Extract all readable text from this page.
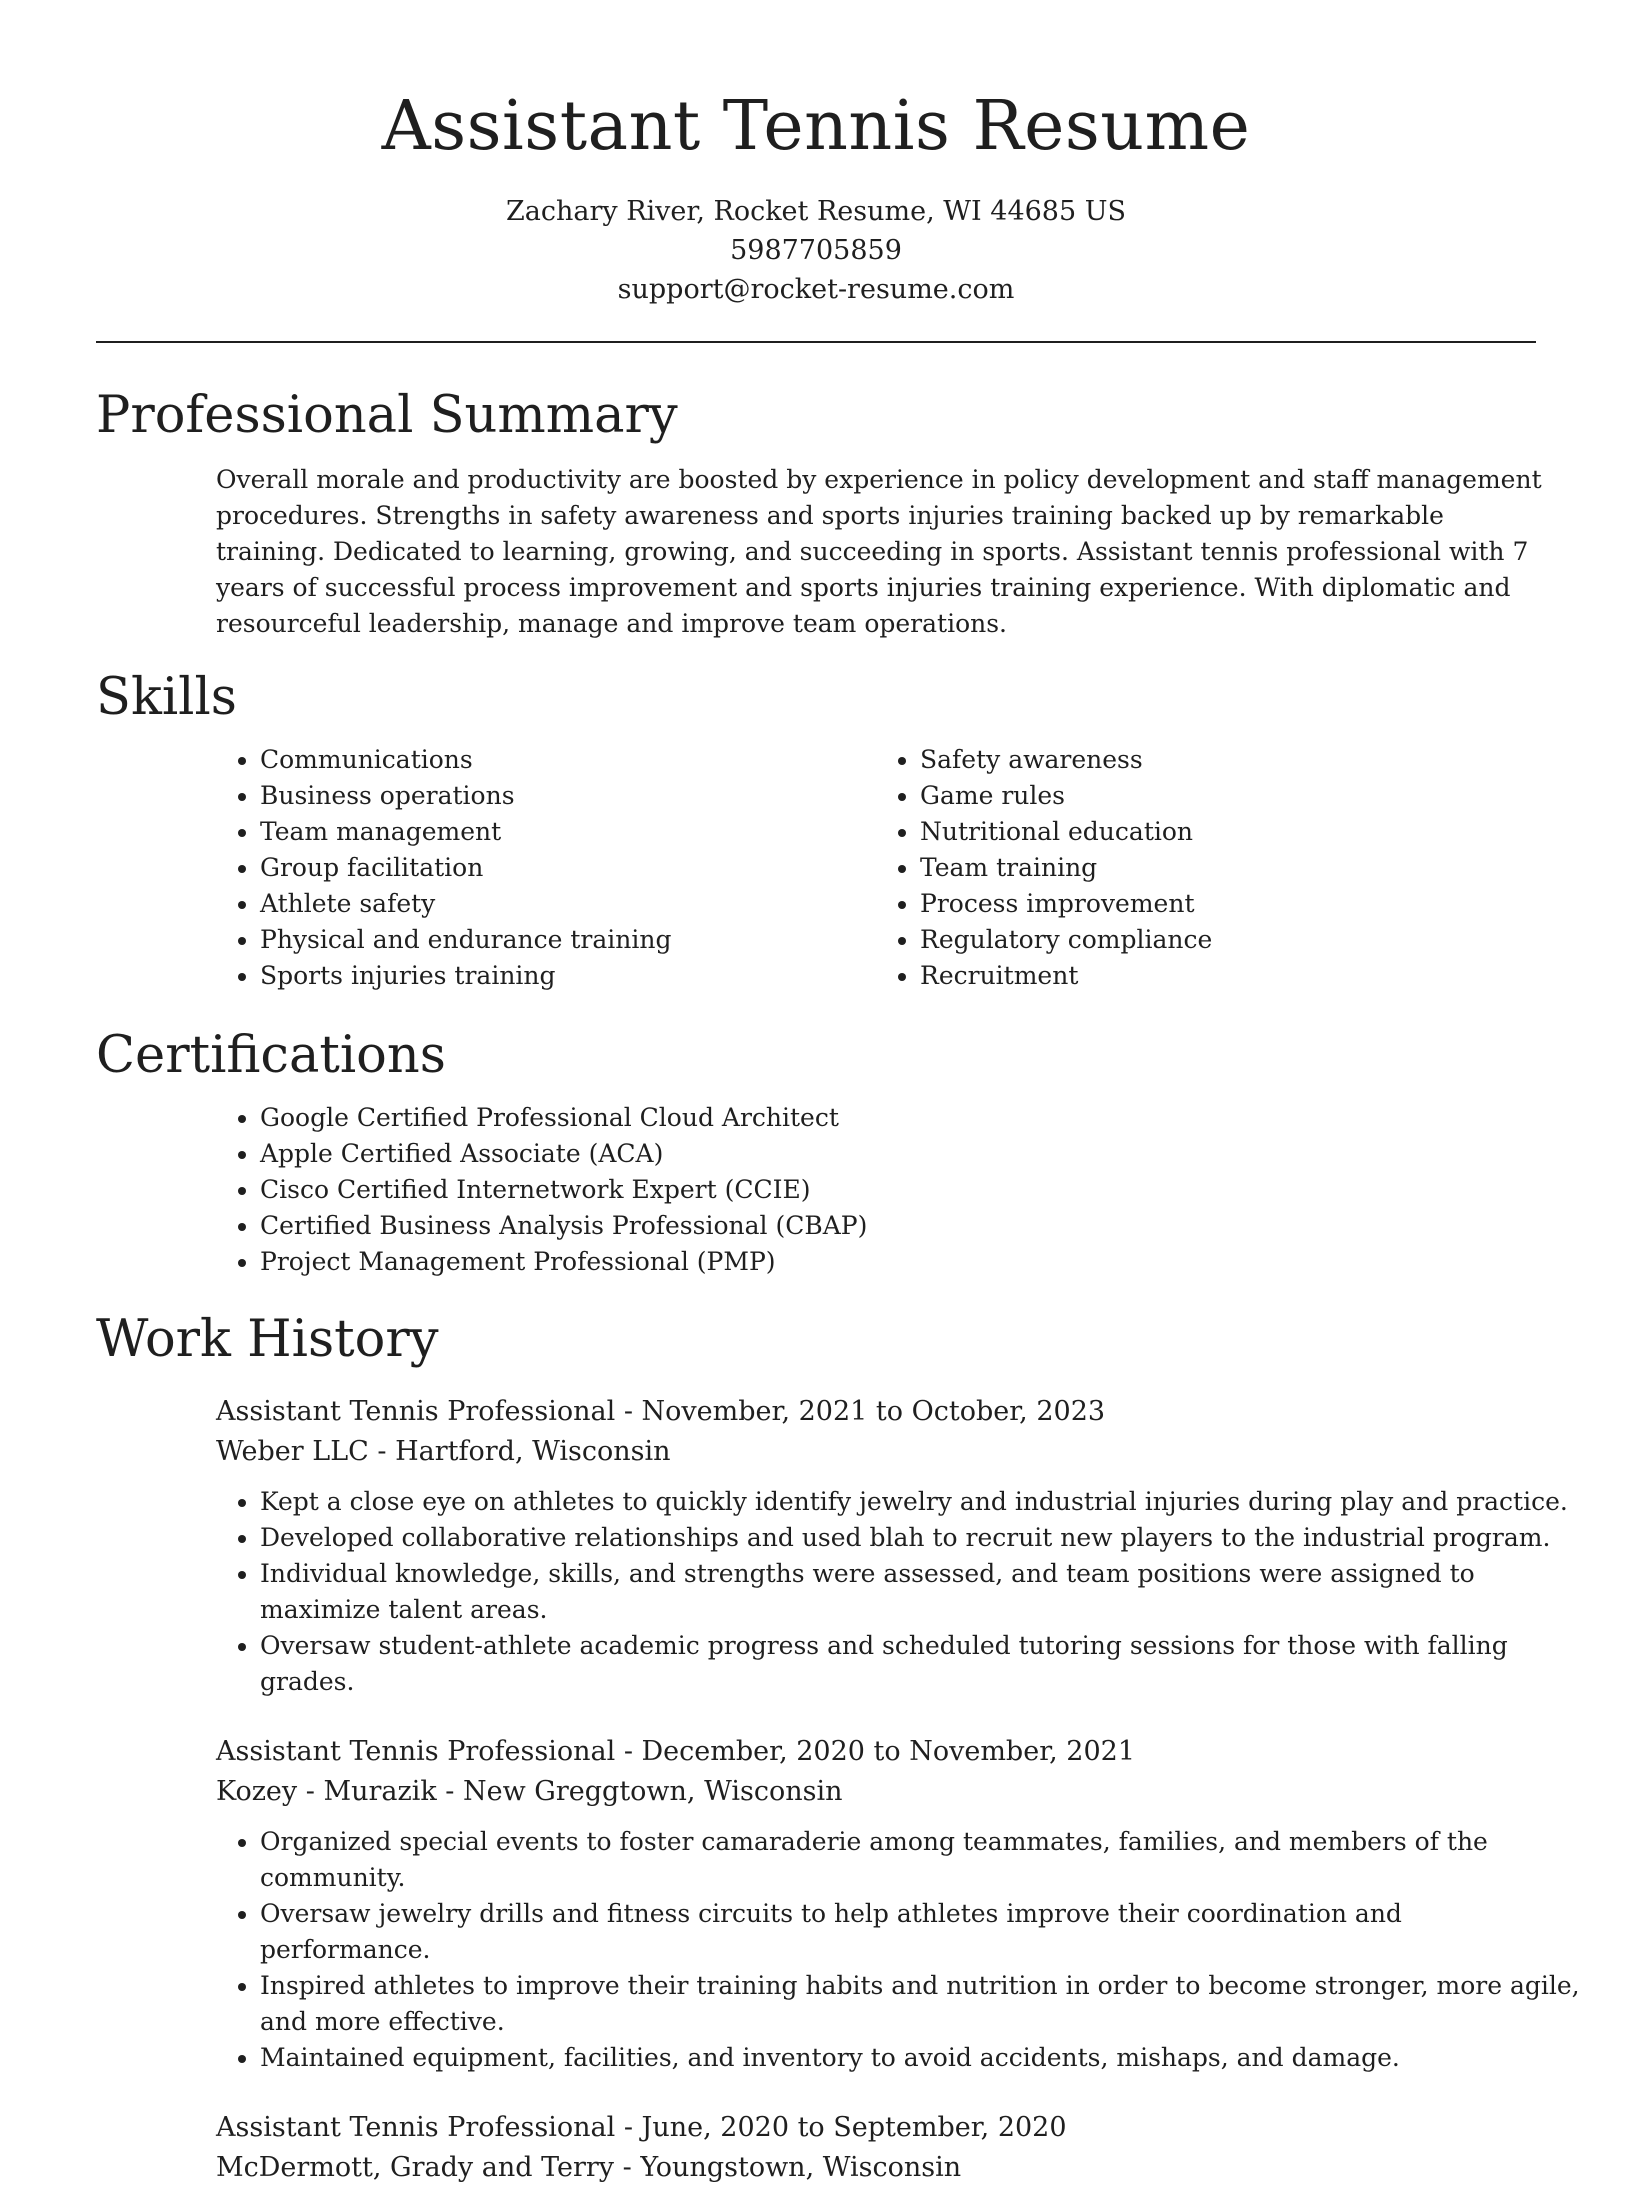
Assistant Tennis Resume
Zachary River, Rocket Resume, WI 44685 US
5987705859
support@rocket-resume.com
Professional Summary

Overall morale and productivity are boosted by experience in policy development and staff management procedures. Strengths in safety awareness and sports injuries training backed up by remarkable training. Dedicated to learning, growing, and succeeding in sports. Assistant tennis professional with 7 years of successful process improvement and sports injuries training experience. With diplomatic and resourceful leadership, manage and improve team operations.

Skills
• Communications
• Business operations
• Team management
• Group facilitation
• Athlete safety
• Physical and endurance training
• Sports injuries training
• Safety awareness
• Game rules
• Nutritional education
• Team training
• Process improvement
• Regulatory compliance
• Recruitment
Certifications
• Google Certified Professional Cloud Architect
• Apple Certified Associate (ACA)
• Cisco Certified Internetwork Expert (CCIE)
• Certified Business Analysis Professional (CBAP)
• Project Management Professional (PMP)
Work History
Assistant Tennis Professional - November, 2021 to October, 2023
Weber LLC - Hartford, Wisconsin
• Kept a close eye on athletes to quickly identify jewelry and industrial injuries during play and practice.
• Developed collaborative relationships and used blah to recruit new players to the industrial program.
• Individual knowledge, skills, and strengths were assessed, and team positions were assigned to maximize talent areas.
• Oversaw student-athlete academic progress and scheduled tutoring sessions for those with falling grades.
Assistant Tennis Professional - December, 2020 to November, 2021
Kozey - Murazik - New Greggtown, Wisconsin
• Organized special events to foster camaraderie among teammates, families, and members of the community.
• Oversaw jewelry drills and fitness circuits to help athletes improve their coordination and performance.
• Inspired athletes to improve their training habits and nutrition in order to become stronger, more agile, and more effective.
• Maintained equipment, facilities, and inventory to avoid accidents, mishaps, and damage.
Assistant Tennis Professional - June, 2020 to September, 2020
McDermott, Grady and Terry - Youngstown, Wisconsin
